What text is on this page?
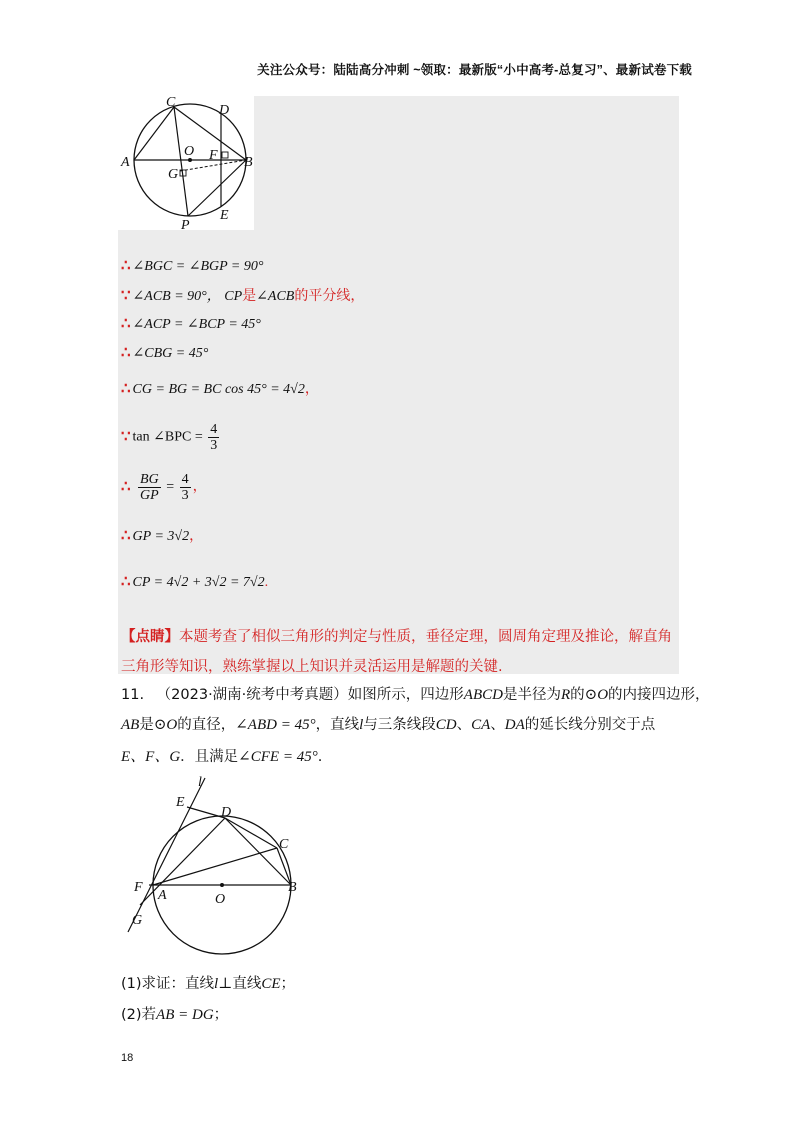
关注公众号：陆陆高分冲刺 ~领取：最新版“小中高考-总复习”、最新试卷下载
C
D
A
O F B
G
E
P
∴ ∠BGC = ∠BGP = 90°
∵ ∠ACB = 90°， CP是∠ACB的平分线，
∴ ∠ACP = ∠BCP = 45°
∴ ∠CBG = 45°
∴ CG = BG = BC cos 45° = 4√2，
∵ tan ∠BPC = $\frac{4}{3}$
∴ $\frac{BG}{GP} = \frac{4}{3}$ ，
∴ GP = 3√2，
∴ CP = 4√2 + 3√2 = 7√2.
【点睛】本题考查了相似三角形的判定与性质，垂径定理，圆周角定理及推论，解直角三角形等知识，熟练掌握以上知识并灵活运用是解题的关键.
11. （2023·湖南·统考中考真题）如图所示，四边形ABCD是半径为R的⊙O的内接四边形，
AB是⊙O的直径，∠ABD = 45°，直线l与三条线段CD、CA、DA的延长线分别交于点
E、F、G．且满足∠CFE = 45°.
l
E
D
C
F
A	O
B
G
(1)求证：直线l⊥直线CE；
(2)若AB = DG；
18
